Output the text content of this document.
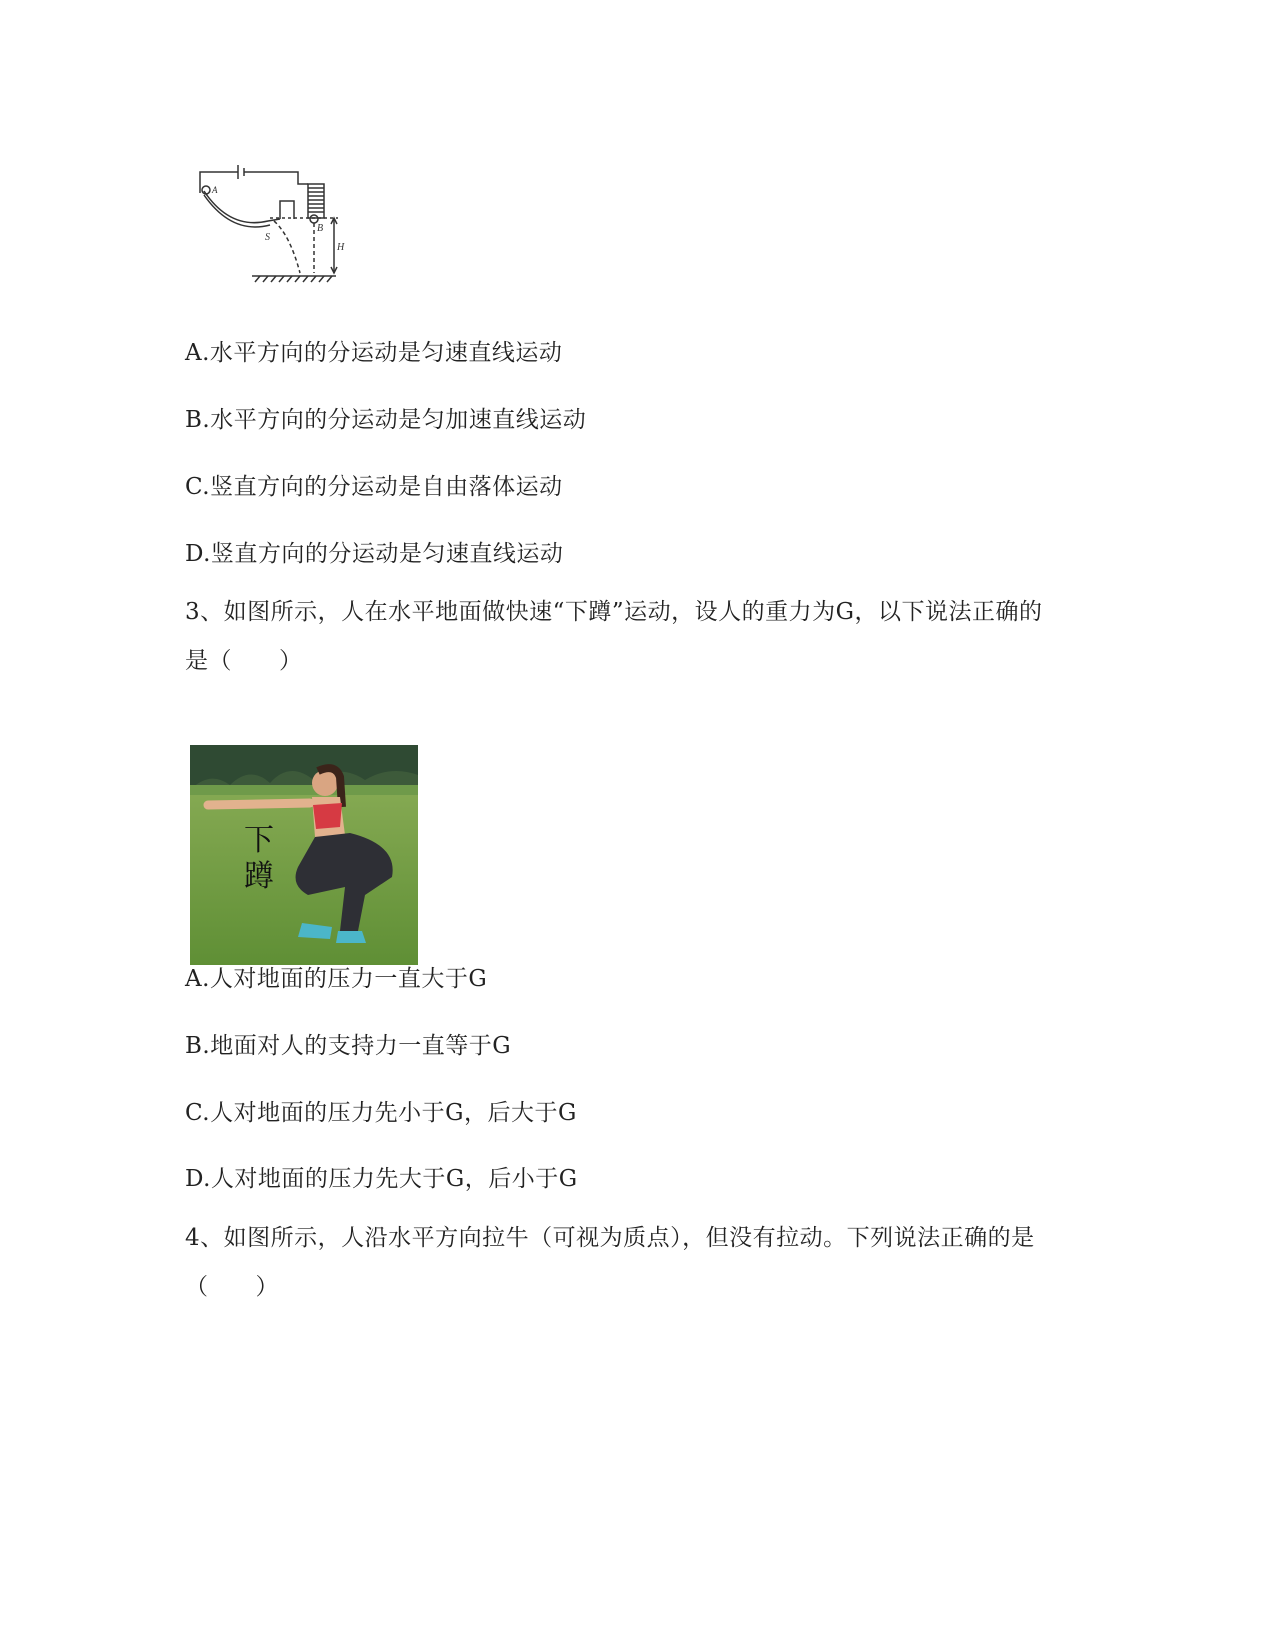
A
S
B
H
A.水平方向的分运动是匀速直线运动
B.水平方向的分运动是匀加速直线运动
C.竖直方向的分运动是自由落体运动
D.竖直方向的分运动是匀速直线运动
3、如图所示，人在水平地面做快速“下蹲”运动，设人的重力为G，以下说法正确的是（　　）
下蹲
A.人对地面的压力一直大于G
B.地面对人的支持力一直等于G
C.人对地面的压力先小于G，后大于G
D.人对地面的压力先大于G，后小于G
4、如图所示，人沿水平方向拉牛（可视为质点），但没有拉动。下列说法正确的是（　　）
